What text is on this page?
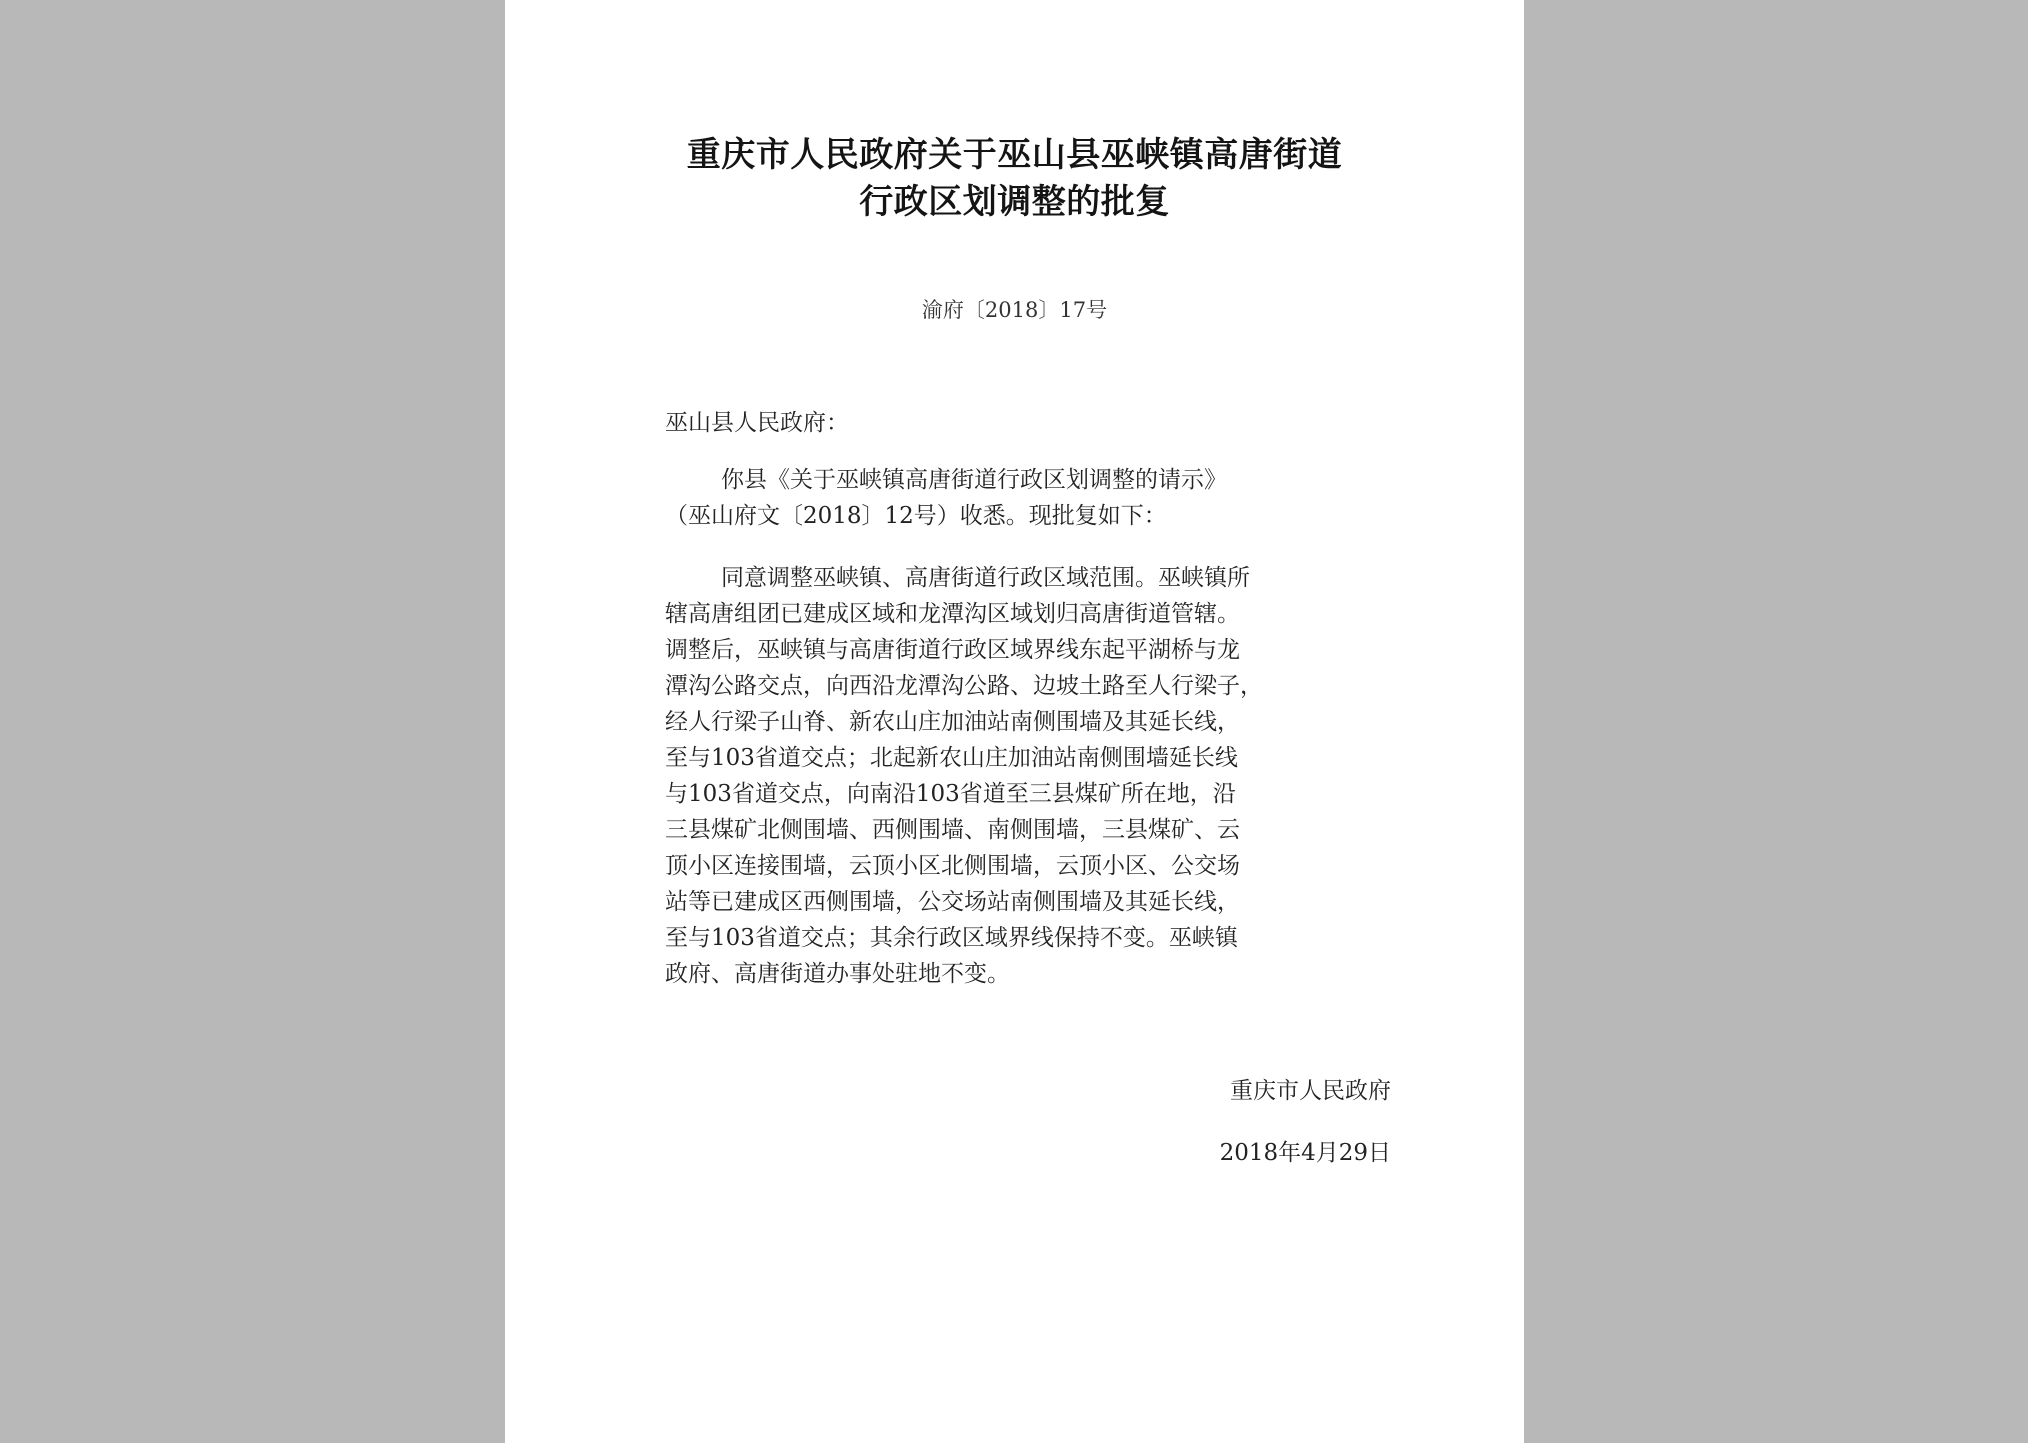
重庆市人民政府关于巫山县巫峡镇高唐街道
行政区划调整的批复
渝府〔2018〕17号
巫山县人民政府：
你县《关于巫峡镇高唐街道行政区划调整的请示》
（巫山府文〔2018〕12号）收悉。现批复如下：
同意调整巫峡镇、高唐街道行政区域范围。巫峡镇所
辖高唐组团已建成区域和龙潭沟区域划归高唐街道管辖。
调整后，巫峡镇与高唐街道行政区域界线东起平湖桥与龙
潭沟公路交点，向西沿龙潭沟公路、边坡土路至人行梁子，
经人行梁子山脊、新农山庄加油站南侧围墙及其延长线，
至与103省道交点；北起新农山庄加油站南侧围墙延长线
与103省道交点，向南沿103省道至三县煤矿所在地，沿
三县煤矿北侧围墙、西侧围墙、南侧围墙，三县煤矿、云
顶小区连接围墙，云顶小区北侧围墙，云顶小区、公交场
站等已建成区西侧围墙，公交场站南侧围墙及其延长线，
至与103省道交点；其余行政区域界线保持不变。巫峡镇
政府、高唐街道办事处驻地不变。
重庆市人民政府
2018年4月29日
